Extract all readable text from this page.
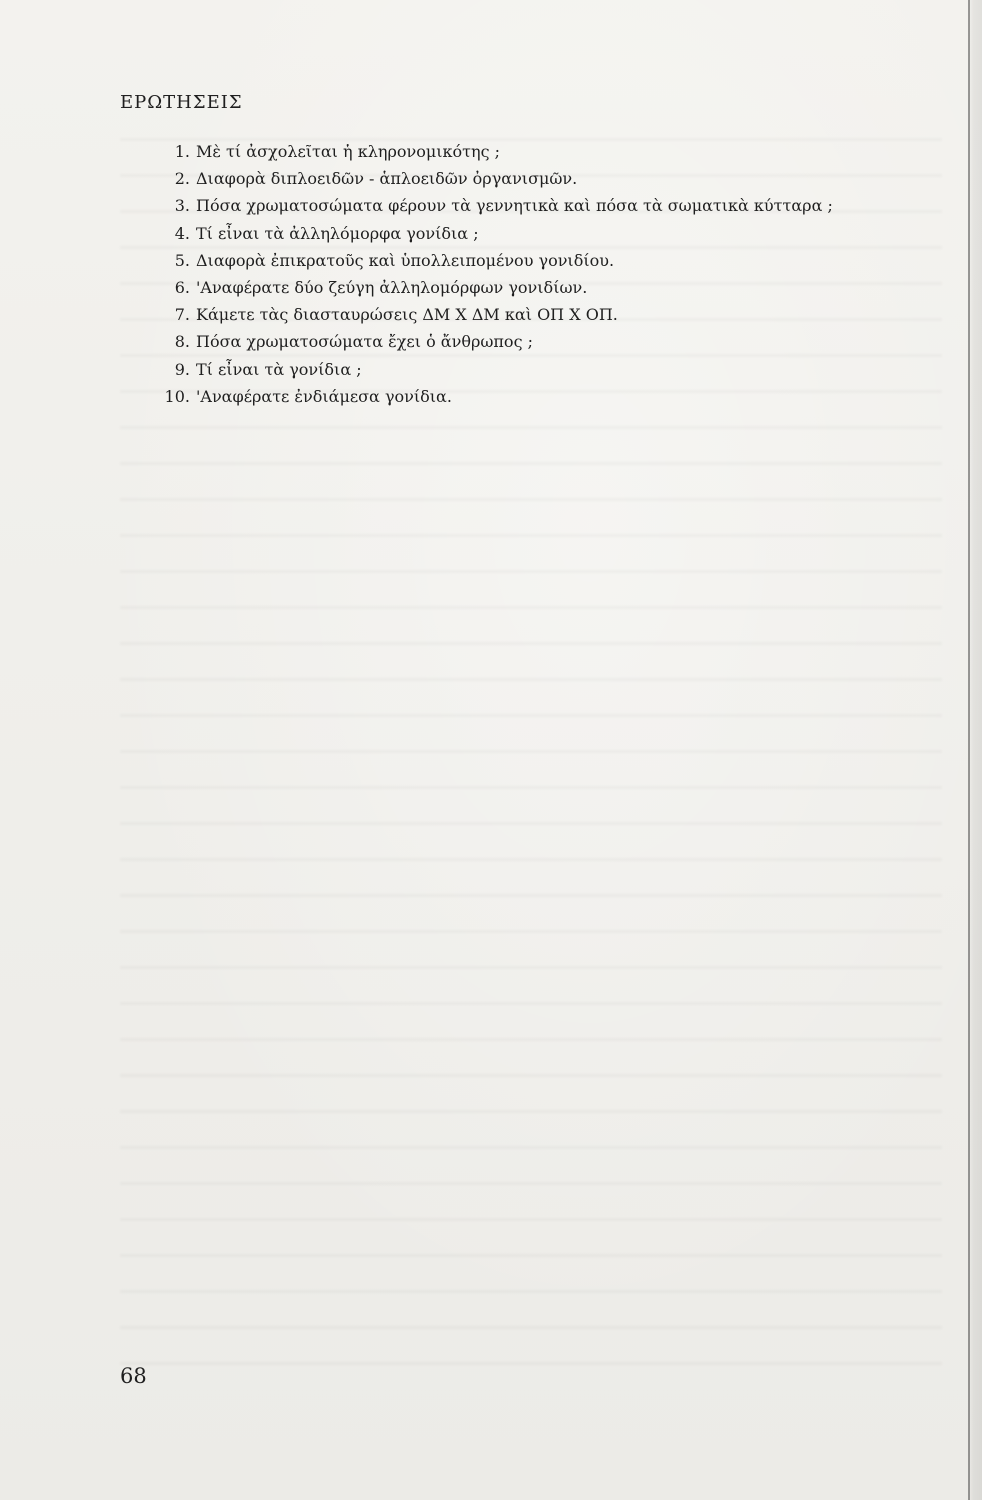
ΕΡΩΤΗΣΕΙΣ
1. Μὲ τί ἀσχολεῖται ἡ κληρονομικότης ;
2. Διαφορὰ διπλοειδῶν - ἁπλοειδῶν ὀργανισμῶν.
3. Πόσα χρωματοσώματα φέρουν τὰ γεννητικὰ καὶ πόσα τὰ σωματικὰ κύτταρα ;
4. Τί εἶναι τὰ ἀλληλόμορφα γονίδια ;
5. Διαφορὰ ἐπικρατοῦς καὶ ὑπολλειπομένου γονιδίου.
6. 'Αναφέρατε δύο ζεύγη ἀλληλομόρφων γονιδίων.
7. Κάμετε τὰς διασταυρώσεις ΔΜ Χ ΔΜ καὶ ΟΠ Χ ΟΠ.
8. Πόσα χρωματοσώματα ἔχει ὁ ἄνθρωπος ;
9. Τί εἶναι τὰ γονίδια ;
10. 'Αναφέρατε ἐνδιάμεσα γονίδια.
68
